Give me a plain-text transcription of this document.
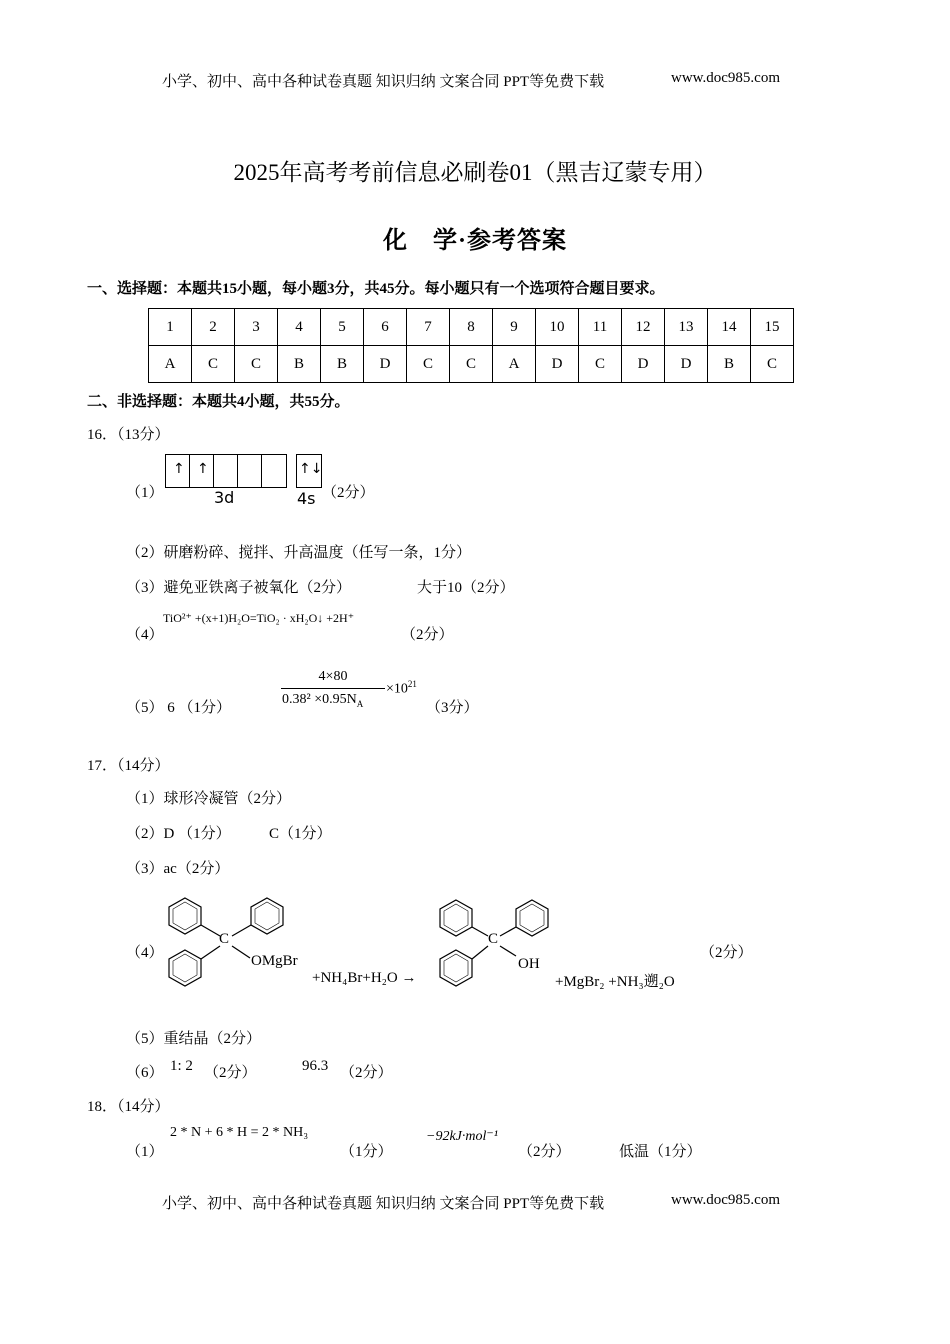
小学、初中、高中各种试卷真题 知识归纳 文案合同 PPT等免费下载	www.doc985.com
2025年高考考前信息必刷卷01（黑吉辽蒙专用）
化　学·参考答案
一、选择题：本题共15小题，每小题3分，共45分。每小题只有一个选项符合题目要求。
1	2	3	4	5	6	7	8	9	10	11	12	13	14	15
A	C	C	B	B	D	C	C	A	D	C	D	D	B	C
二、非选择题：本题共4小题，共55分。
16．（13分）
（1）
↑ ↑	↑↓
3d	4s （2分）
（2）研磨粉碎、搅拌、升高温度（任写一条，1分）
（3）避免亚铁离子被氧化（2分）	大于10（2分）
（4）
TiO²⁺ +(x+1)H₂O=TiO₂ · xH₂O↓ +2H⁺
（2分）
（5） 6 （1分）
4×80
$0.38^2 \times 0.95N_A$
$\times 10^{21}$
（3分）
17．（14分）
（1）球形冷凝管（2分）
（2）D （1分）	C（1分）
（3）ac（2分）
（4）
C
OMgBr
+NH₄Br+H₂O →
C
OH
+MgBr₂ +NH₃遡₂O
（2分）
（5）重结晶（2分）
（6） 1: 2 （2分）	96.3 （2分）
18．（14分）
（1）
2 * N + 6 * H = 2 * NH₃
（1分）
−92kJ·mol⁻¹
（2分）	低温（1分）
小学、初中、高中各种试卷真题 知识归纳 文案合同 PPT等免费下载	www.doc985.com
